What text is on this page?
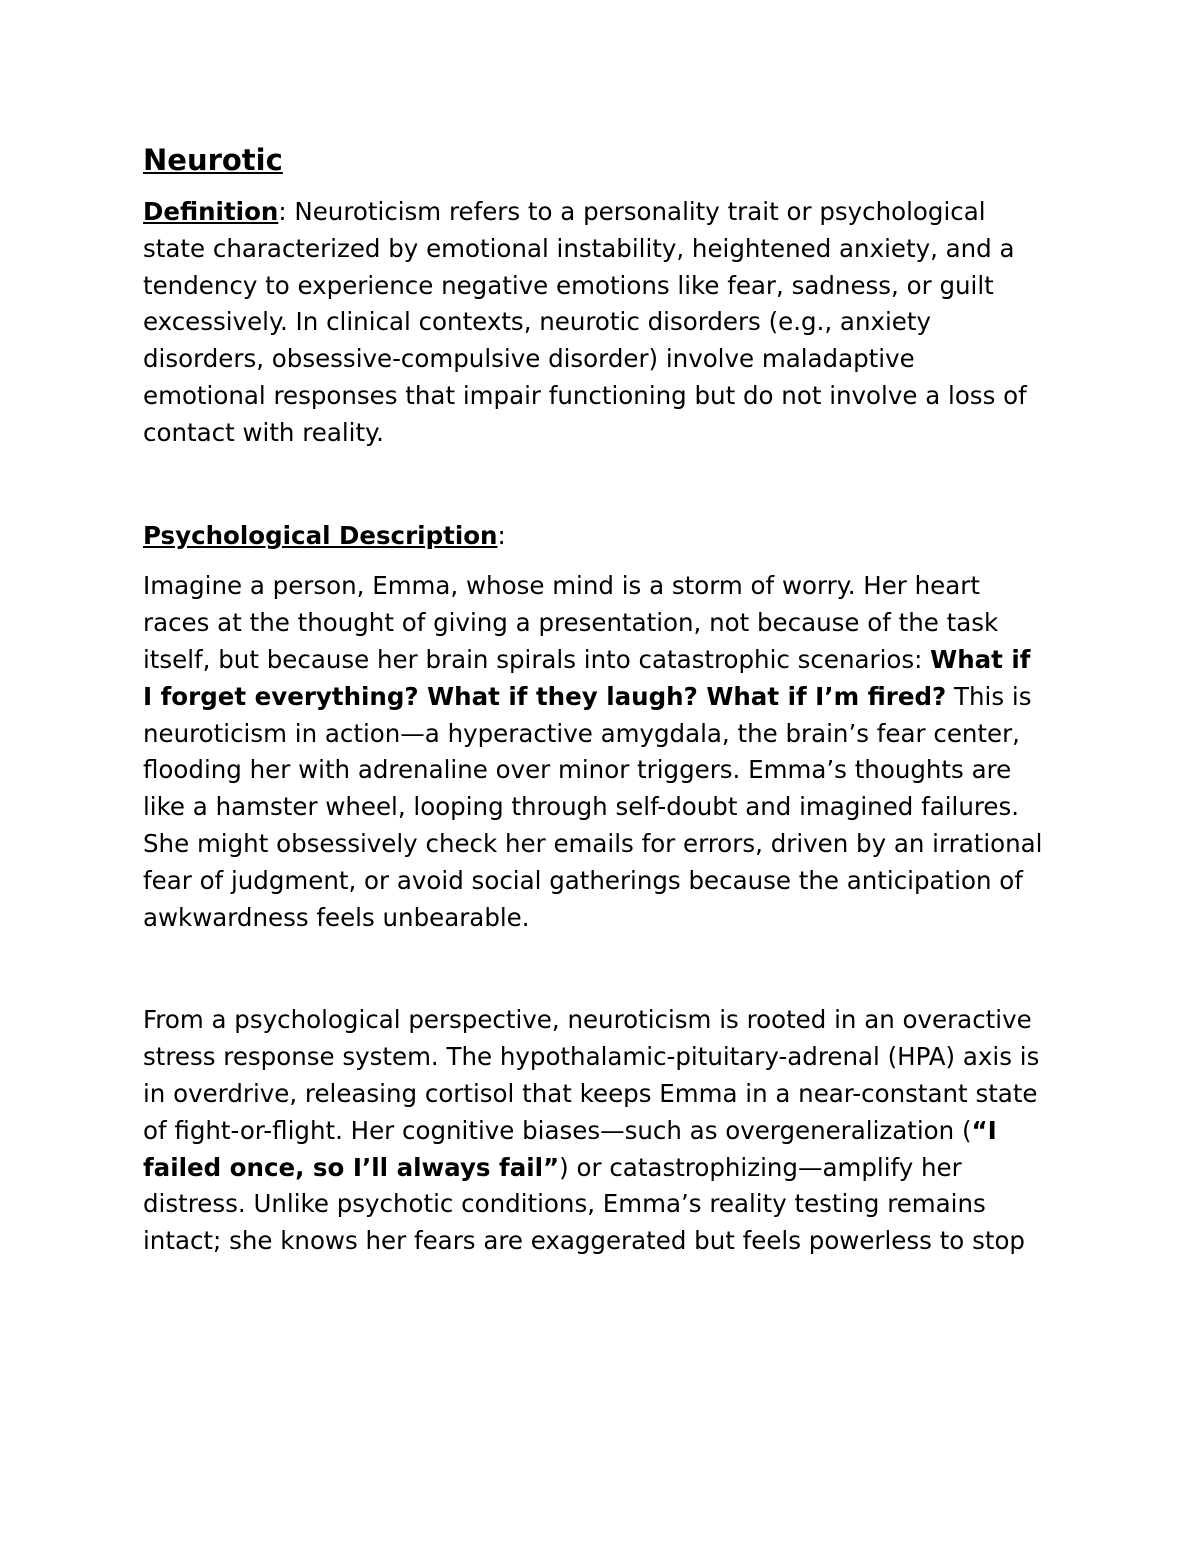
Neurotic

Definition: Neuroticism refers to a personality trait or psychological state characterized by emotional instability, heightened anxiety, and a tendency to experience negative emotions like fear, sadness, or guilt excessively. In clinical contexts, neurotic disorders (e.g., anxiety disorders, obsessive-compulsive disorder) involve maladaptive emotional responses that impair functioning but do not involve a loss of contact with reality.

Psychological Description:

Imagine a person, Emma, whose mind is a storm of worry. Her heart races at the thought of giving a presentation, not because of the task itself, but because her brain spirals into catastrophic scenarios: What if I forget everything? What if they laugh? What if I’m fired? This is neuroticism in action—a hyperactive amygdala, the brain’s fear center, flooding her with adrenaline over minor triggers. Emma’s thoughts are like a hamster wheel, looping through self-doubt and imagined failures. She might obsessively check her emails for errors, driven by an irrational fear of judgment, or avoid social gatherings because the anticipation of awkwardness feels unbearable.

From a psychological perspective, neuroticism is rooted in an overactive stress response system. The hypothalamic-pituitary-adrenal (HPA) axis is in overdrive, releasing cortisol that keeps Emma in a near-constant state of fight-or-flight. Her cognitive biases—such as overgeneralization (“I failed once, so I’ll always fail”) or catastrophizing—amplify her distress. Unlike psychotic conditions, Emma’s reality testing remains intact; she knows her fears are exaggerated but feels powerless to stop
